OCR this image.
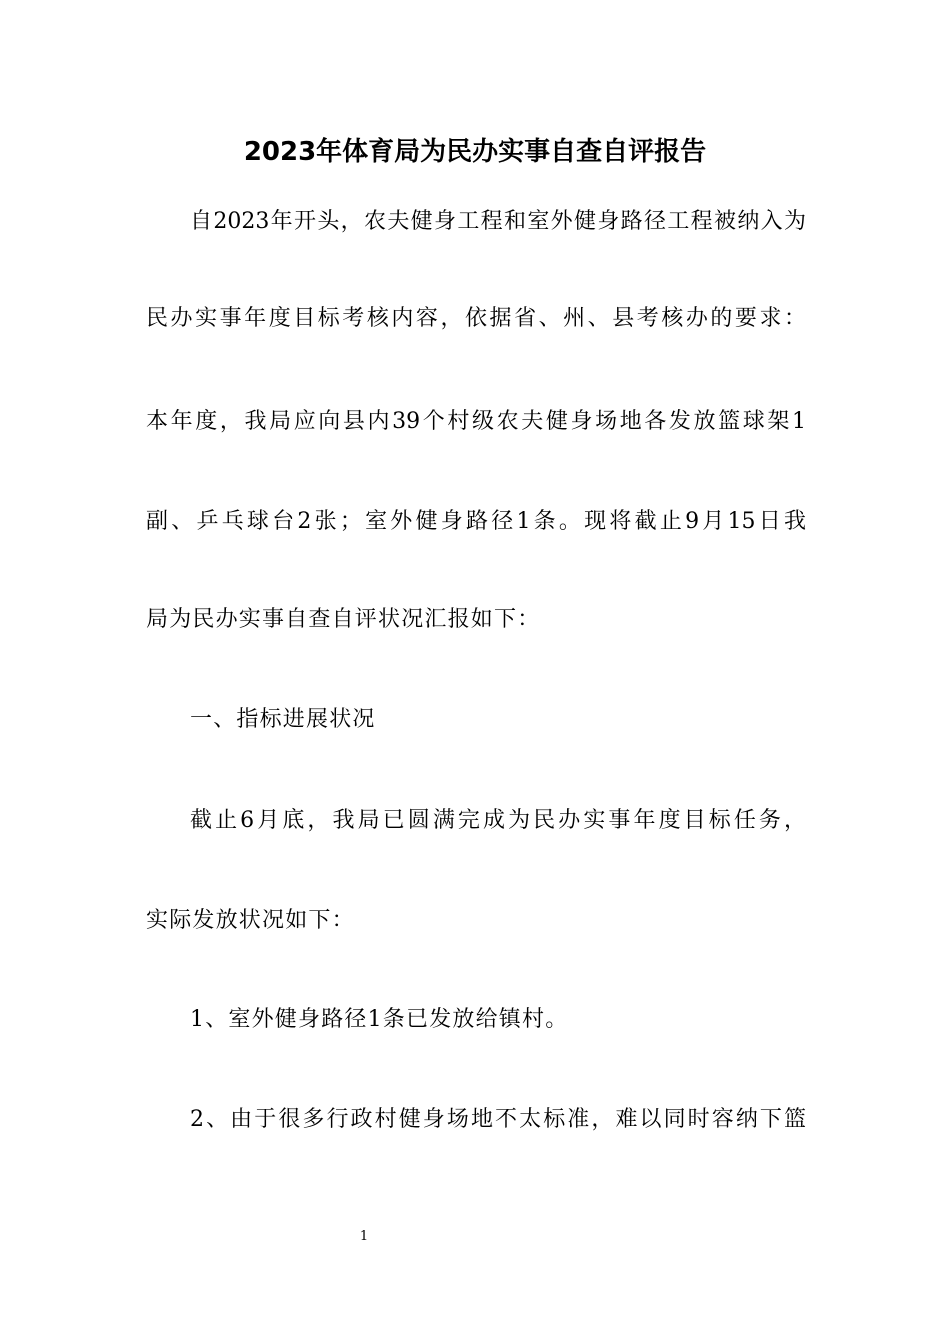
2023年体育局为民办实事自查自评报告
自2023年开头，农夫健身工程和室外健身路径工程被纳入为
民办实事年度目标考核内容，依据省、州、县考核办的要求：
本年度，我局应向县内39个村级农夫健身场地各发放篮球架1
副、乒乓球台2张；室外健身路径1条。现将截止9月15日我
局为民办实事自查自评状况汇报如下：
一、指标进展状况
截止6月底，我局已圆满完成为民办实事年度目标任务，
实际发放状况如下：
1、室外健身路径1条已发放给镇村。
2、由于很多行政村健身场地不太标准，难以同时容纳下篮
1
